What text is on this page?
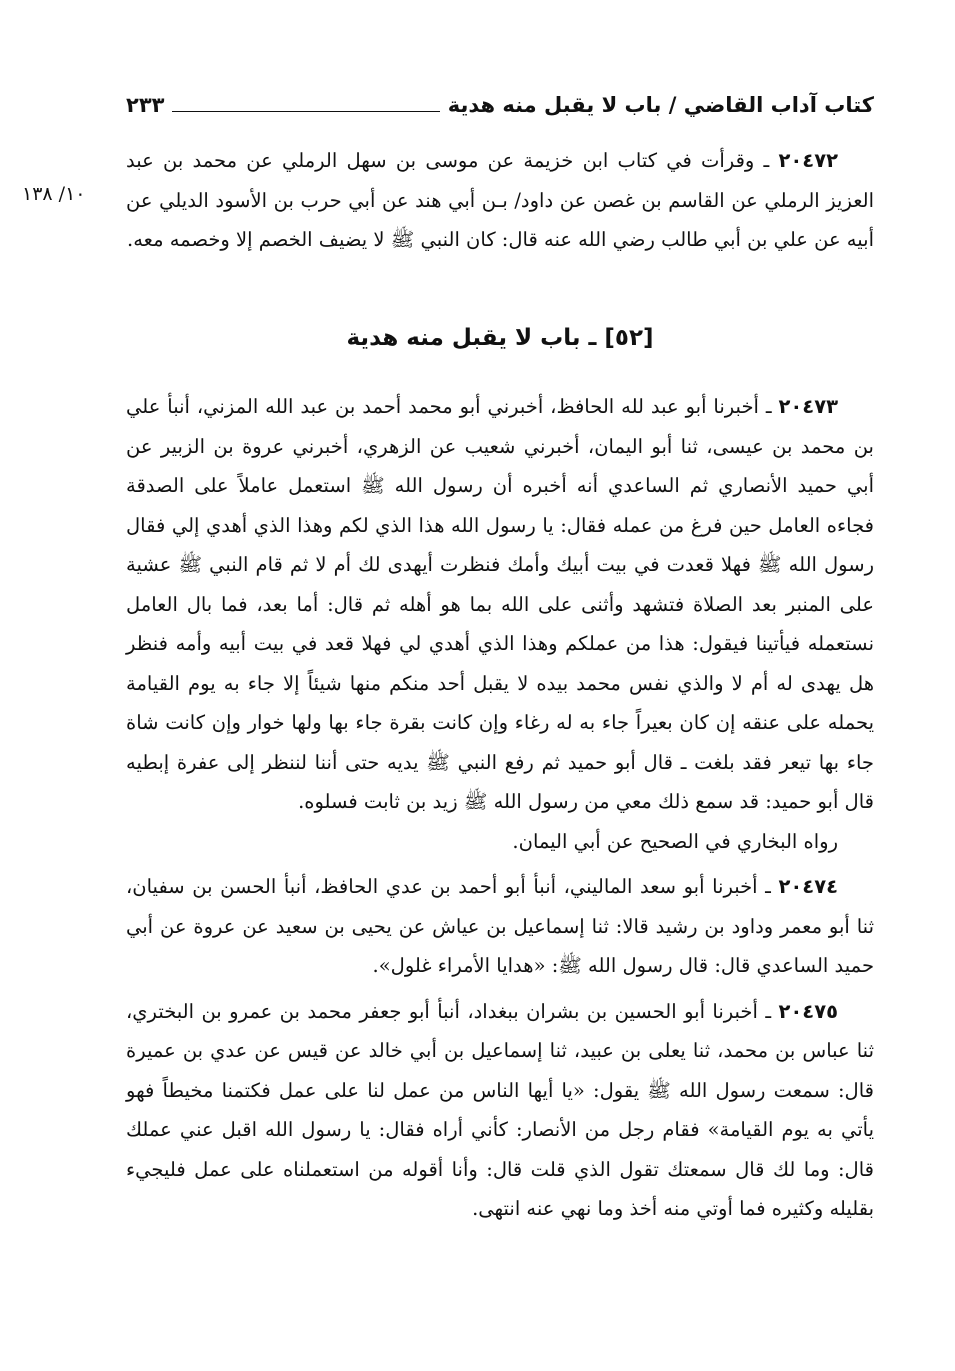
كتاب آداب القاضي / باب لا يقبل منه هدية
٢٣٣
١٠/ ١٣٨

٢٠٤٧٢ ـ وقرأت في كتاب ابن خزيمة عن موسى بن سهل الرملي عن محمد بن عبد العزيز الرملي عن القاسم بن غصن عن داود/ بـن أبي هند عن أبي حرب بن الأسود الديلي عن أبيه عن علي بن أبي طالب رضي الله عنه قال: كان النبي ﷺ لا يضيف الخصم إلا وخصمه معه.

[٥٢] ـ باب لا يقبل منه هدية

٢٠٤٧٣ ـ أخبرنا أبو عبد لله الحافظ، أخبرني أبو محمد أحمد بن عبد الله المزني، أنبأ علي بن محمد بن عيسى، ثنا أبو اليمان، أخبرني شعيب عن الزهري، أخبرني عروة بن الزبير عن أبي حميد الأنصاري ثم الساعدي أنه أخبره أن رسول الله ﷺ استعمل عاملاً على الصدقة فجاءه العامل حين فرغ من عمله فقال: يا رسول الله هذا الذي لكم وهذا الذي أهدي إلي فقال رسول الله ﷺ فهلا قعدت في بيت أبيك وأمك فنظرت أيهدى لك أم لا ثم قام النبي ﷺ عشية على المنبر بعد الصلاة فتشهد وأثنى على الله بما هو أهله ثم قال: أما بعد، فما بال العامل نستعمله فيأتينا فيقول: هذا من عملكم وهذا الذي أهدي لي فهلا قعد في بيت أبيه وأمه فنظر هل يهدى له أم لا والذي نفس محمد بيده لا يقبل أحد منكم منها شيئاً إلا جاء به يوم القيامة يحمله على عنقه إن كان بعيراً جاء به له رغاء وإن كانت بقرة جاء بها ولها خوار وإن كانت شاة جاء بها تيعر فقد بلغت ـ قال أبو حميد ثم رفع النبي ﷺ يديه حتى أننا لننظر إلى عفرة إبطيه قال أبو حميد: قد سمع ذلك معي من رسول الله ﷺ زيد بن ثابت فسلوه.

رواه البخاري في الصحيح عن أبي اليمان.

٢٠٤٧٤ ـ أخبرنا أبو سعد الماليني، أنبأ أبو أحمد بن عدي الحافظ، أنبأ الحسن بن سفيان، ثنا أبو معمر وداود بن رشيد قالا: ثنا إسماعيل بن عياش عن يحيى بن سعيد عن عروة عن أبي حميد الساعدي قال: قال رسول الله ﷺ: «هدايا الأمراء غلول».

٢٠٤٧٥ ـ أخبرنا أبو الحسين بن بشران ببغداد، أنبأ أبو جعفر محمد بن عمرو بن البختري، ثنا عباس بن محمد، ثنا يعلى بن عبيد، ثنا إسماعيل بن أبي خالد عن قيس عن عدي بن عميرة قال: سمعت رسول الله ﷺ يقول: «يا أيها الناس من عمل لنا على عمل فكتمنا مخيطاً فهو يأتي به يوم القيامة» فقام رجل من الأنصار: كأني أراه فقال: يا رسول الله اقبل عني عملك قال: وما لك قال سمعتك تقول الذي قلت قال: وأنا أقوله من استعملناه على عمل فليجيء بقليله وكثيره فما أوتي منه أخذ وما نهي عنه انتهى.
